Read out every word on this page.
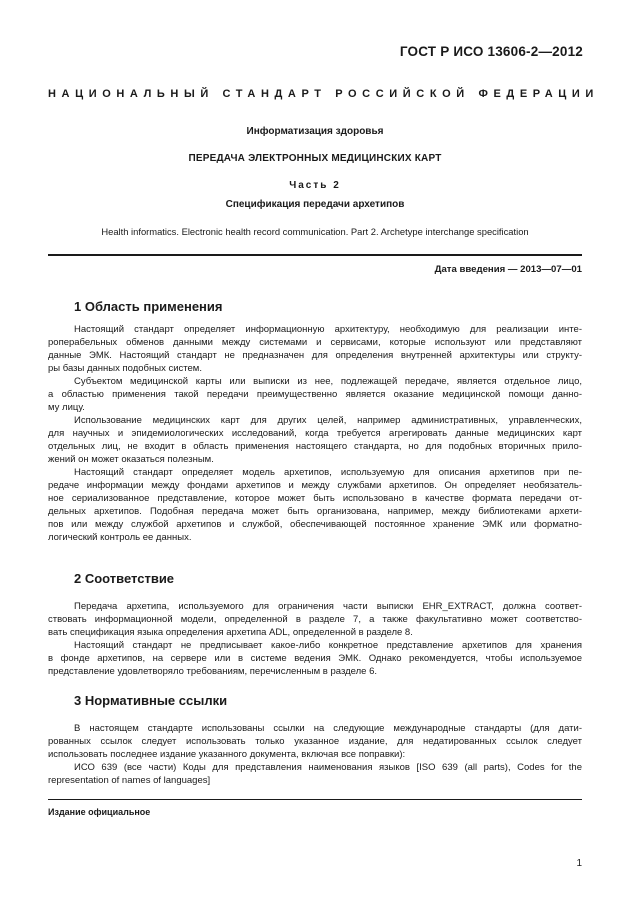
ГОСТ Р ИСО 13606-2—2012
НАЦИОНАЛЬНЫЙ СТАНДАРТ РОССИЙСКОЙ ФЕДЕРАЦИИ
Информатизация здоровья
ПЕРЕДАЧА ЭЛЕКТРОННЫХ МЕДИЦИНСКИХ КАРТ
Часть 2
Спецификация передачи архетипов
Health informatics. Electronic health record communication. Part 2. Archetype interchange specification
Дата введения — 2013—07—01
1 Область применения
Настоящий стандарт определяет информационную архитектуру, необходимую для реализации инте-
роперабельных обменов данными между системами и сервисами, которые используют или представляют
данные ЭМК. Настоящий стандарт не предназначен для определения внутренней архитектуры или структу-
ры базы данных подобных систем.
Субъектом медицинской карты или выписки из нее, подлежащей передаче, является отдельное лицо,
а областью применения такой передачи преимущественно является оказание медицинской помощи данно-
му лицу.
Использование медицинских карт для других целей, например административных, управленческих,
для научных и эпидемиологических исследований, когда требуется агрегировать данные медицинских карт
отдельных лиц, не входит в область применения настоящего стандарта, но для подобных вторичных прило-
жений он может оказаться полезным.
Настоящий стандарт определяет модель архетипов, используемую для описания архетипов при пе-
редаче информации между фондами архетипов и между службами архетипов. Он определяет необязатель-
ное сериализованное представление, которое может быть использовано в качестве формата передачи от-
дельных архетипов. Подобная передача может быть организована, например, между библиотеками архети-
пов или между службой архетипов и службой, обеспечивающей постоянное хранение ЭМК или форматно-
логический контроль ее данных.
2 Соответствие
Передача архетипа, используемого для ограничения части выписки EHR_EXTRACT, должна соответ-
ствовать информационной модели, определенной в разделе 7, а также факультативно может соответство-
вать спецификация языка определения архетипа ADL, определенной в разделе 8.
Настоящий стандарт не предписывает какое-либо конкретное представление архетипов для хранения
в фонде архетипов, на сервере или в системе ведения ЭМК. Однако рекомендуется, чтобы используемое
представление удовлетворяло требованиям, перечисленным в разделе 6.
3 Нормативные ссылки
В настоящем стандарте использованы ссылки на следующие международные стандарты (для дати-
рованных ссылок следует использовать только указанное издание, для недатированных ссылок следует
использовать последнее издание указанного документа, включая все поправки):
ИСО 639 (все части) Коды для представления наименования языков [ISO 639 (all parts), Codes for the
representation of names of languages]
Издание официальное
1
